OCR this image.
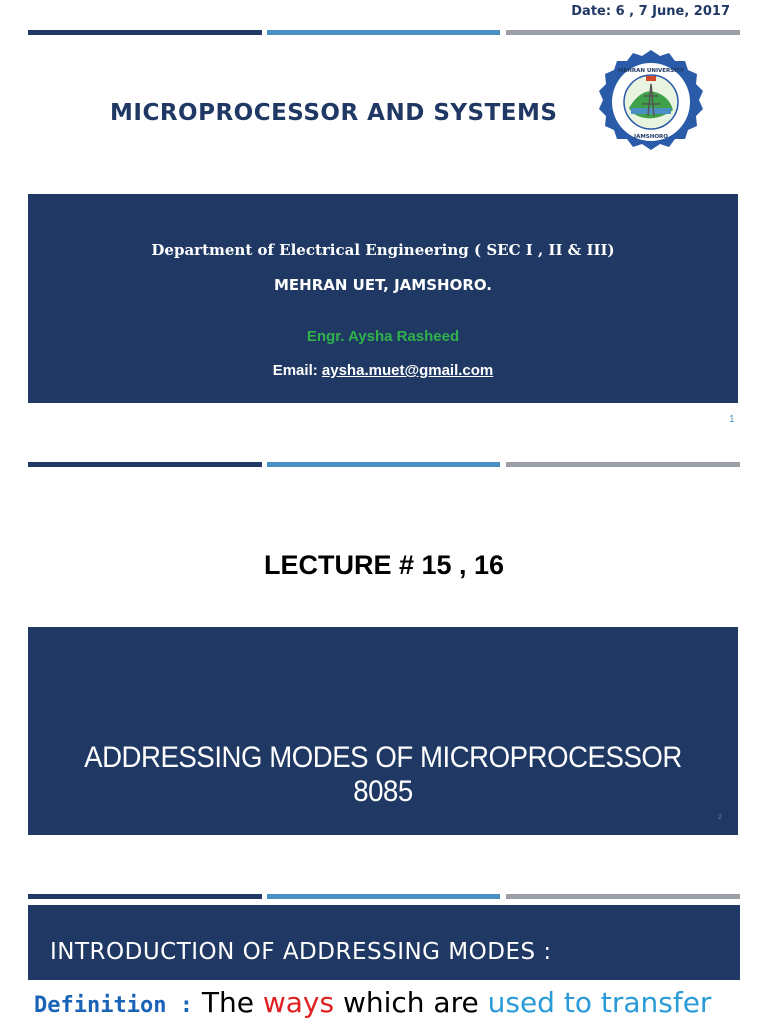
Date: 6 , 7 June, 2017
MICROPROCESSOR AND SYSTEMS
MEHRAN UNIVERSITY
JAMSHORO
Department of Electrical Engineering ( SEC I , II & III)
MEHRAN UET, JAMSHORO.
Engr. Aysha Rasheed
Email: aysha.muet@gmail.com
1
LECTURE # 15 , 16
ADDRESSING MODES OF MICROPROCESSOR 8085
2
INTRODUCTION OF ADDRESSING MODES :
Definition : The ways which are used to transfer
